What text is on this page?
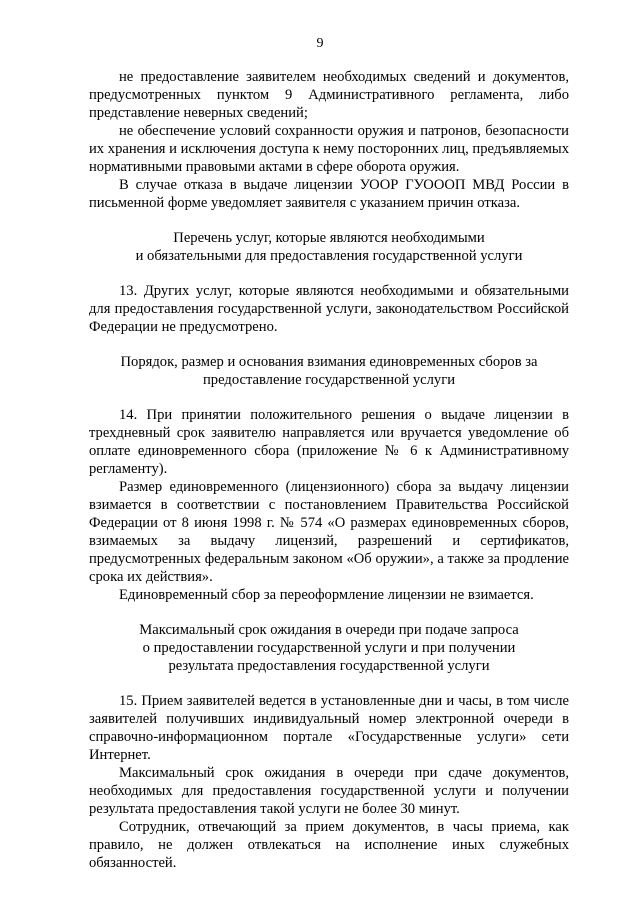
9

не предоставление заявителем необходимых сведений и документов, предусмотренных пунктом 9 Административного регламента, либо представление неверных сведений;

не обеспечение условий сохранности оружия и патронов, безопасности их хранения и исключения доступа к нему посторонних лиц, предъявляемых нормативными правовыми актами в сфере оборота оружия.

В случае отказа в выдаче лицензии УООР ГУОООП МВД России в письменной форме уведомляет заявителя с указанием причин отказа.

Перечень услуг, которые являются необходимыми
и обязательными для предоставления государственной услуги

13. Других услуг, которые являются необходимыми и обязательными для предоставления государственной услуги, законодательством Российской Федерации не предусмотрено.

Порядок, размер и основания взимания единовременных сборов за
предоставление государственной услуги

14. При принятии положительного решения о выдаче лицензии в трехдневный срок заявителю направляется или вручается уведомление об оплате единовременного сбора (приложение № 6 к Административному регламенту).

Размер единовременного (лицензионного) сбора за выдачу лицензии взимается в соответствии с постановлением Правительства Российской Федерации от 8 июня 1998 г. № 574 «О размерах единовременных сборов, взимаемых за выдачу лицензий, разрешений и сертификатов, предусмотренных федеральным законом «Об оружии», а также за продление срока их действия».

Единовременный сбор за переоформление лицензии не взимается.

Максимальный срок ожидания в очереди при подаче запроса
о предоставлении государственной услуги и при получении
результата предоставления государственной услуги

15. Прием заявителей ведется в установленные дни и часы, в том числе заявителей получивших индивидуальный номер электронной очереди в справочно-информационном портале «Государственные услуги» сети Интернет.

Максимальный срок ожидания в очереди при сдаче документов, необходимых для предоставления государственной услуги и получении результата предоставления такой услуги не более 30 минут.

Сотрудник, отвечающий за прием документов, в часы приема, как правило, не должен отвлекаться на исполнение иных служебных обязанностей.
